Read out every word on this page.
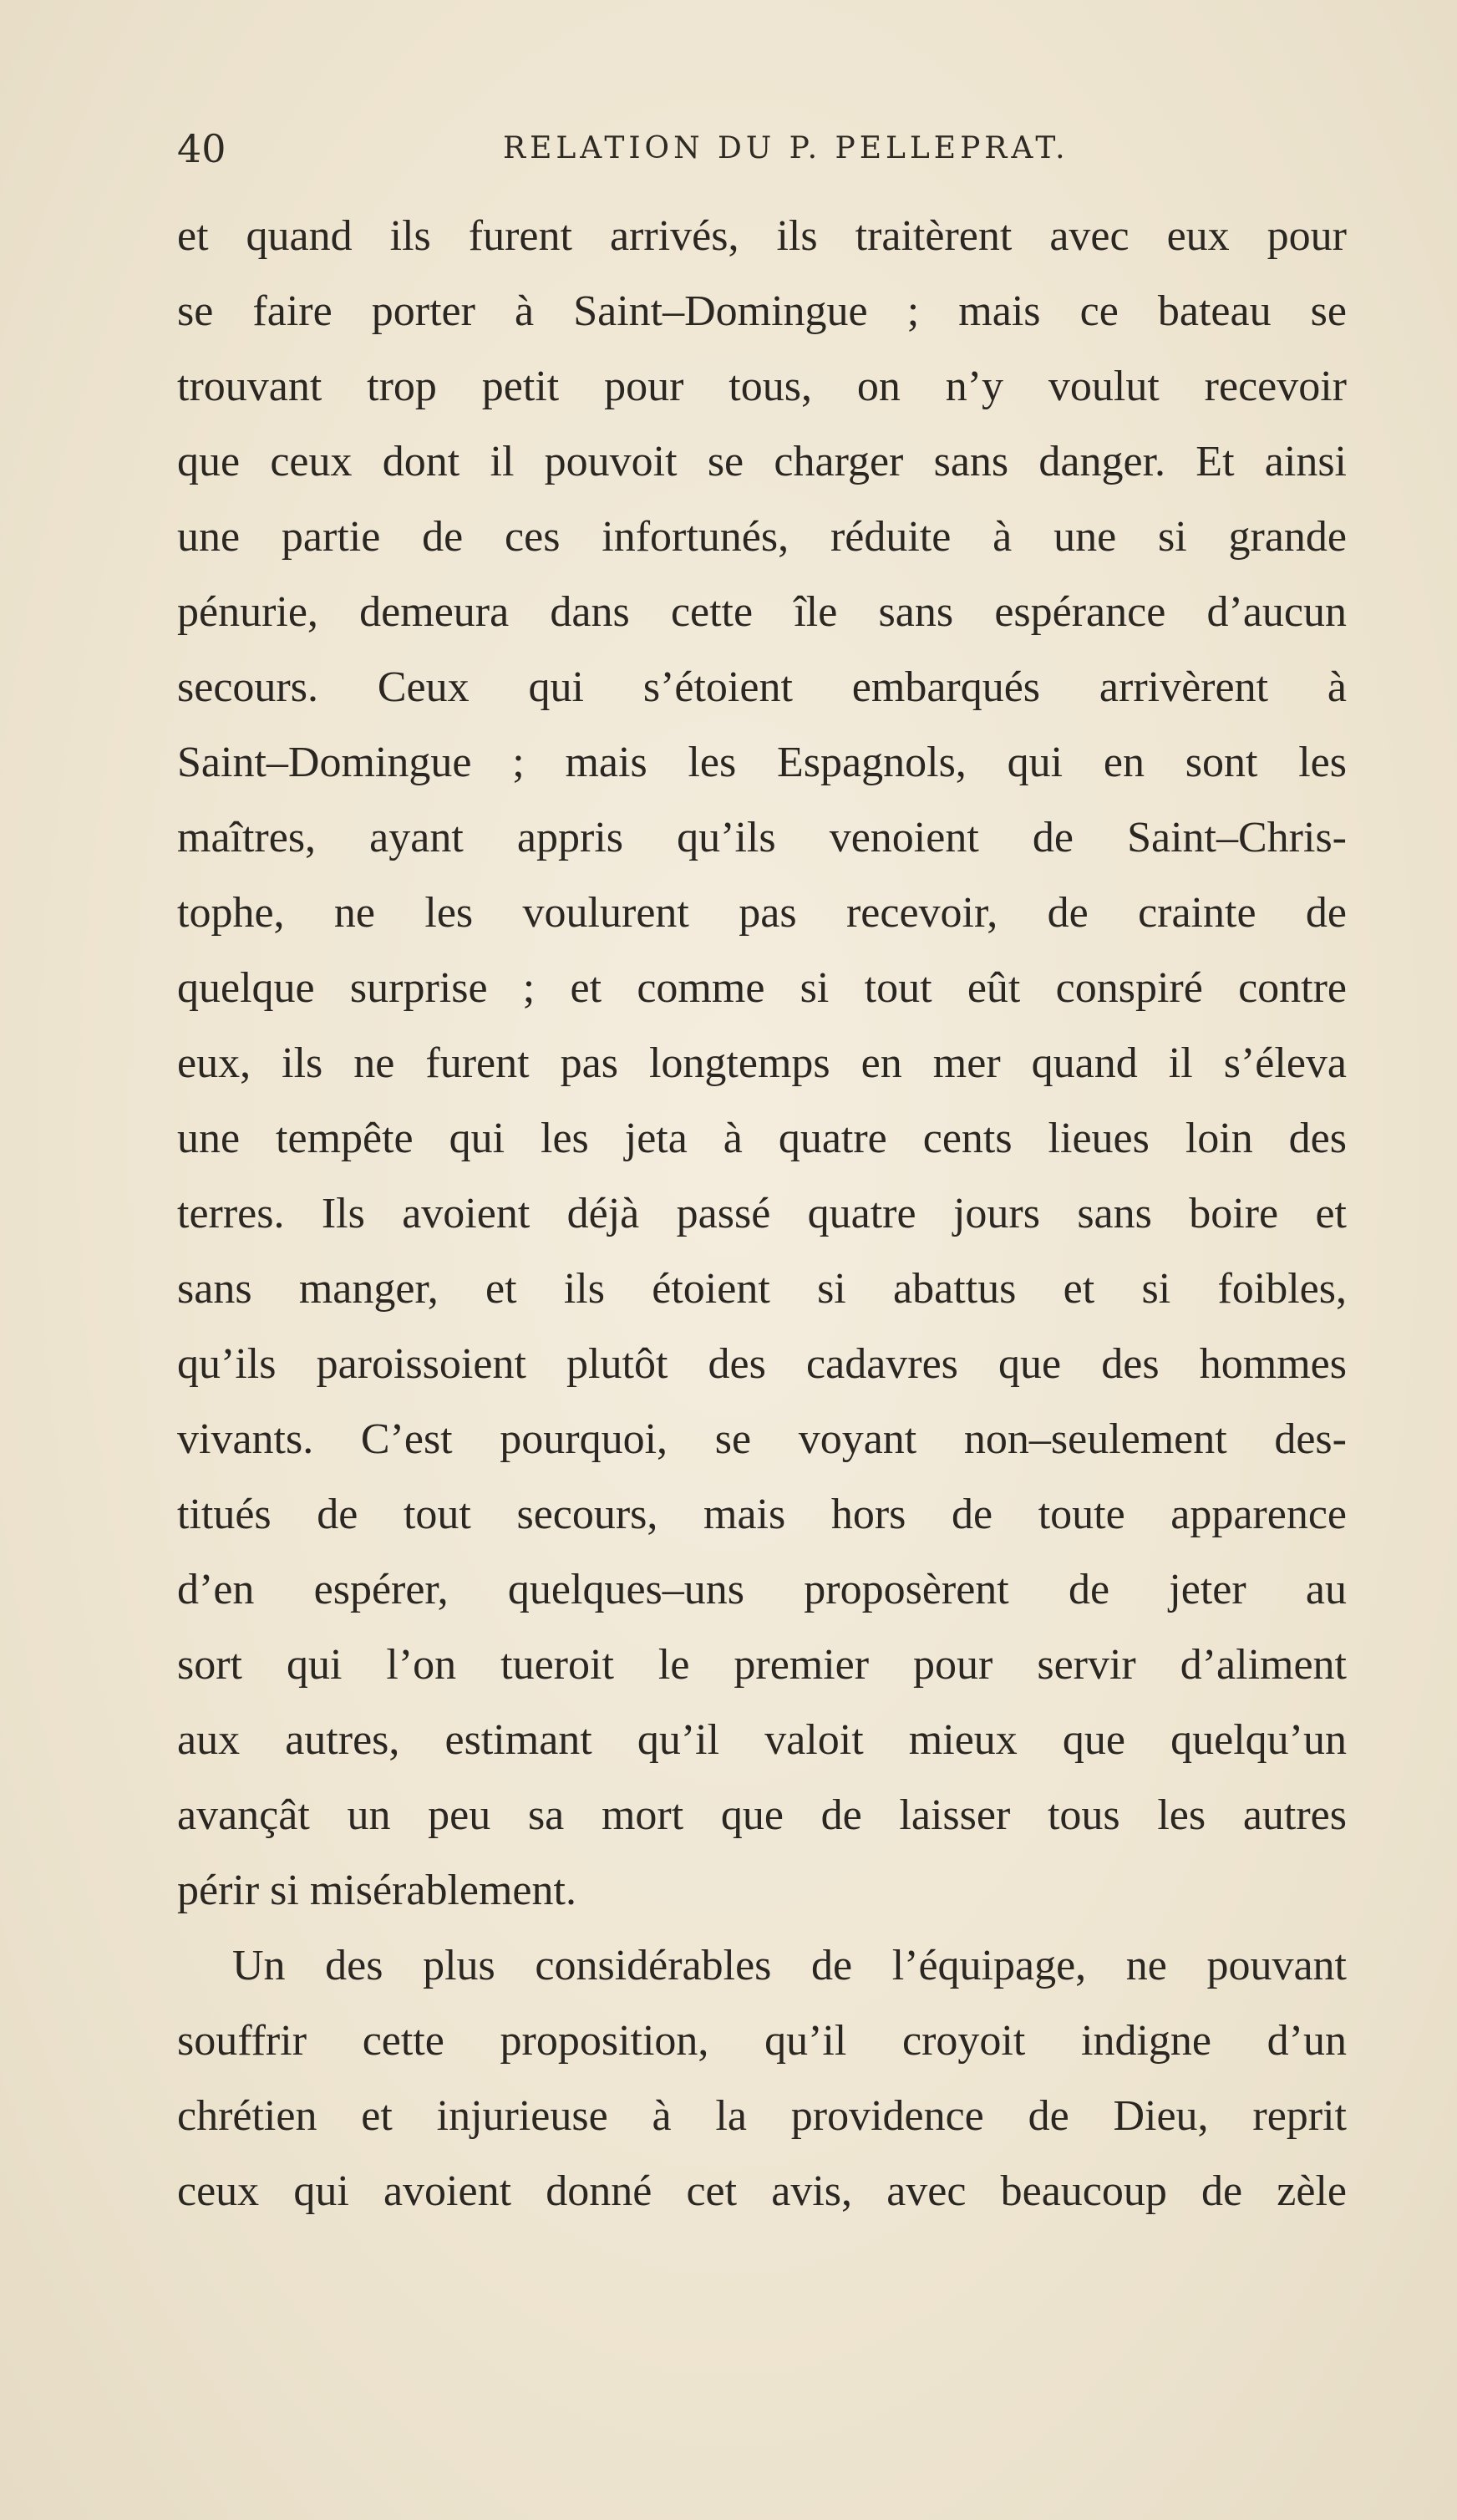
40	RELATION DU P. PELLEPRAT.
et quand ils furent arrivés, ils traitèrent avec eux pour
se faire porter à Saint–Domingue ; mais ce bateau se
trouvant trop petit pour tous, on n’y voulut recevoir
que ceux dont il pouvoit se charger sans danger. Et ainsi
une partie de ces infortunés, réduite à une si grande
pénurie, demeura dans cette île sans espérance d’aucun
secours. Ceux qui s’étoient embarqués arrivèrent à
Saint–Domingue ; mais les Espagnols, qui en sont les
maîtres, ayant appris qu’ils venoient de Saint–Chris-
tophe, ne les voulurent pas recevoir, de crainte de
quelque surprise ; et comme si tout eût conspiré contre
eux, ils ne furent pas longtemps en mer quand il s’éleva
une tempête qui les jeta à quatre cents lieues loin des
terres. Ils avoient déjà passé quatre jours sans boire et
sans manger, et ils étoient si abattus et si foibles,
qu’ils paroissoient plutôt des cadavres que des hommes
vivants. C’est pourquoi, se voyant non–seulement des-
titués de tout secours, mais hors de toute apparence
d’en espérer, quelques–uns proposèrent de jeter au
sort qui l’on tueroit le premier pour servir d’aliment
aux autres, estimant qu’il valoit mieux que quelqu’un
avançât un peu sa mort que de laisser tous les autres
périr si misérablement.
Un des plus considérables de l’équipage, ne pouvant
souffrir cette proposition, qu’il croyoit indigne d’un
chrétien et injurieuse à la providence de Dieu, reprit
ceux qui avoient donné cet avis, avec beaucoup de zèle
